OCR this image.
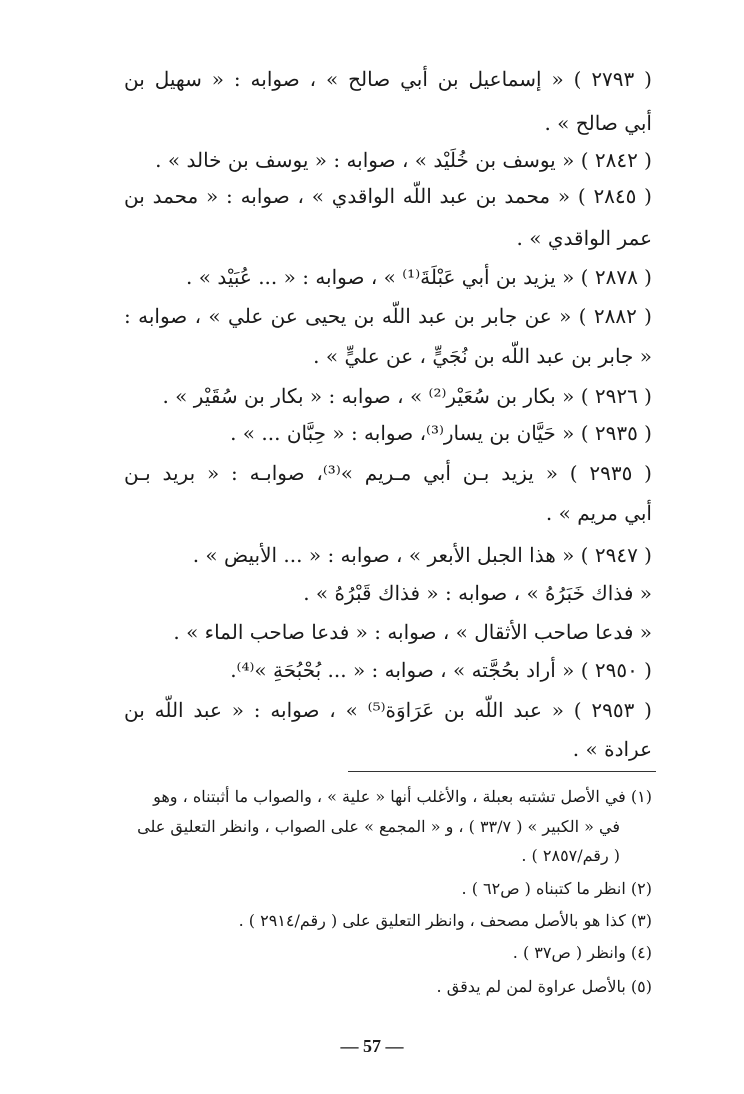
( ٢٧٩٣ ) « إسماعيل بن أبي صالح » ، صوابه : « سهيل بن
أبي صالح » .
( ٢٨٤٢ ) « يوسف بن خُلَيْد » ، صوابه : « يوسف بن خالد » .
( ٢٨٤٥ ) « محمد بن عبد اللّه الواقدي » ، صوابه : « محمد بن
عمر الواقدي » .
( ٢٨٧٨ ) « يزيد بن أبي عَبْلَةَ⁽¹⁾ » ، صوابه : « ... عُبَيْد » .
( ٢٨٨٢ ) « عن جابر بن عبد اللّه بن يحيى عن علي » ، صوابه :
« جابر بن عبد اللّه بن نُجَيٍّ ، عن عليٍّ » .
( ٢٩٢٦ ) « بكار بن سُعَيْر⁽²⁾ » ، صوابه : « بكار بن سُقَيْر » .
( ٢٩٣٥ ) « حَيَّان بن يسار⁽³⁾، صوابه : « حِبَّان ... » .
( ٢٩٣٥ ) « يزيد بـن أبي مـريم »⁽³⁾، صوابـه : « بريد بـن
أبي مريم » .
( ٢٩٤٧ ) « هذا الجبل الأبعر » ، صوابه : « ... الأبيض » .
« فذاك خَبَرُهُ » ، صوابه : « فذاك قَبْرُهُ » .
« فدعا صاحب الأثقال » ، صوابه : « فدعا صاحب الماء » .
( ٢٩٥٠ ) « أراد بحُجَّته » ، صوابه : « ... بُحْبُحَةِ »⁽⁴⁾.
( ٢٩٥٣ ) « عبد اللّه بن عَرَاوَة⁽⁵⁾ » ، صوابه : « عبد اللّه بن
عرادة » .
(١) في الأصل تشتبه بعبلة ، والأغلب أنها « علية » ، والصواب ما أثبتناه ، وهو
في « الكبير » ( ٣٣/٧ ) ، و « المجمع » على الصواب ، وانظر التعليق على
( رقم/٢٨٥٧ ) .
(٢) انظر ما كتبناه ( ص٦٢ ) .
(٣) كذا هو بالأصل مصحف ، وانظر التعليق على ( رقم/٢٩١٤ ) .
(٤) وانظر ( ص٣٧ ) .
(٥) بالأصل عراوة لمن لم يدقق .
— 57 —
